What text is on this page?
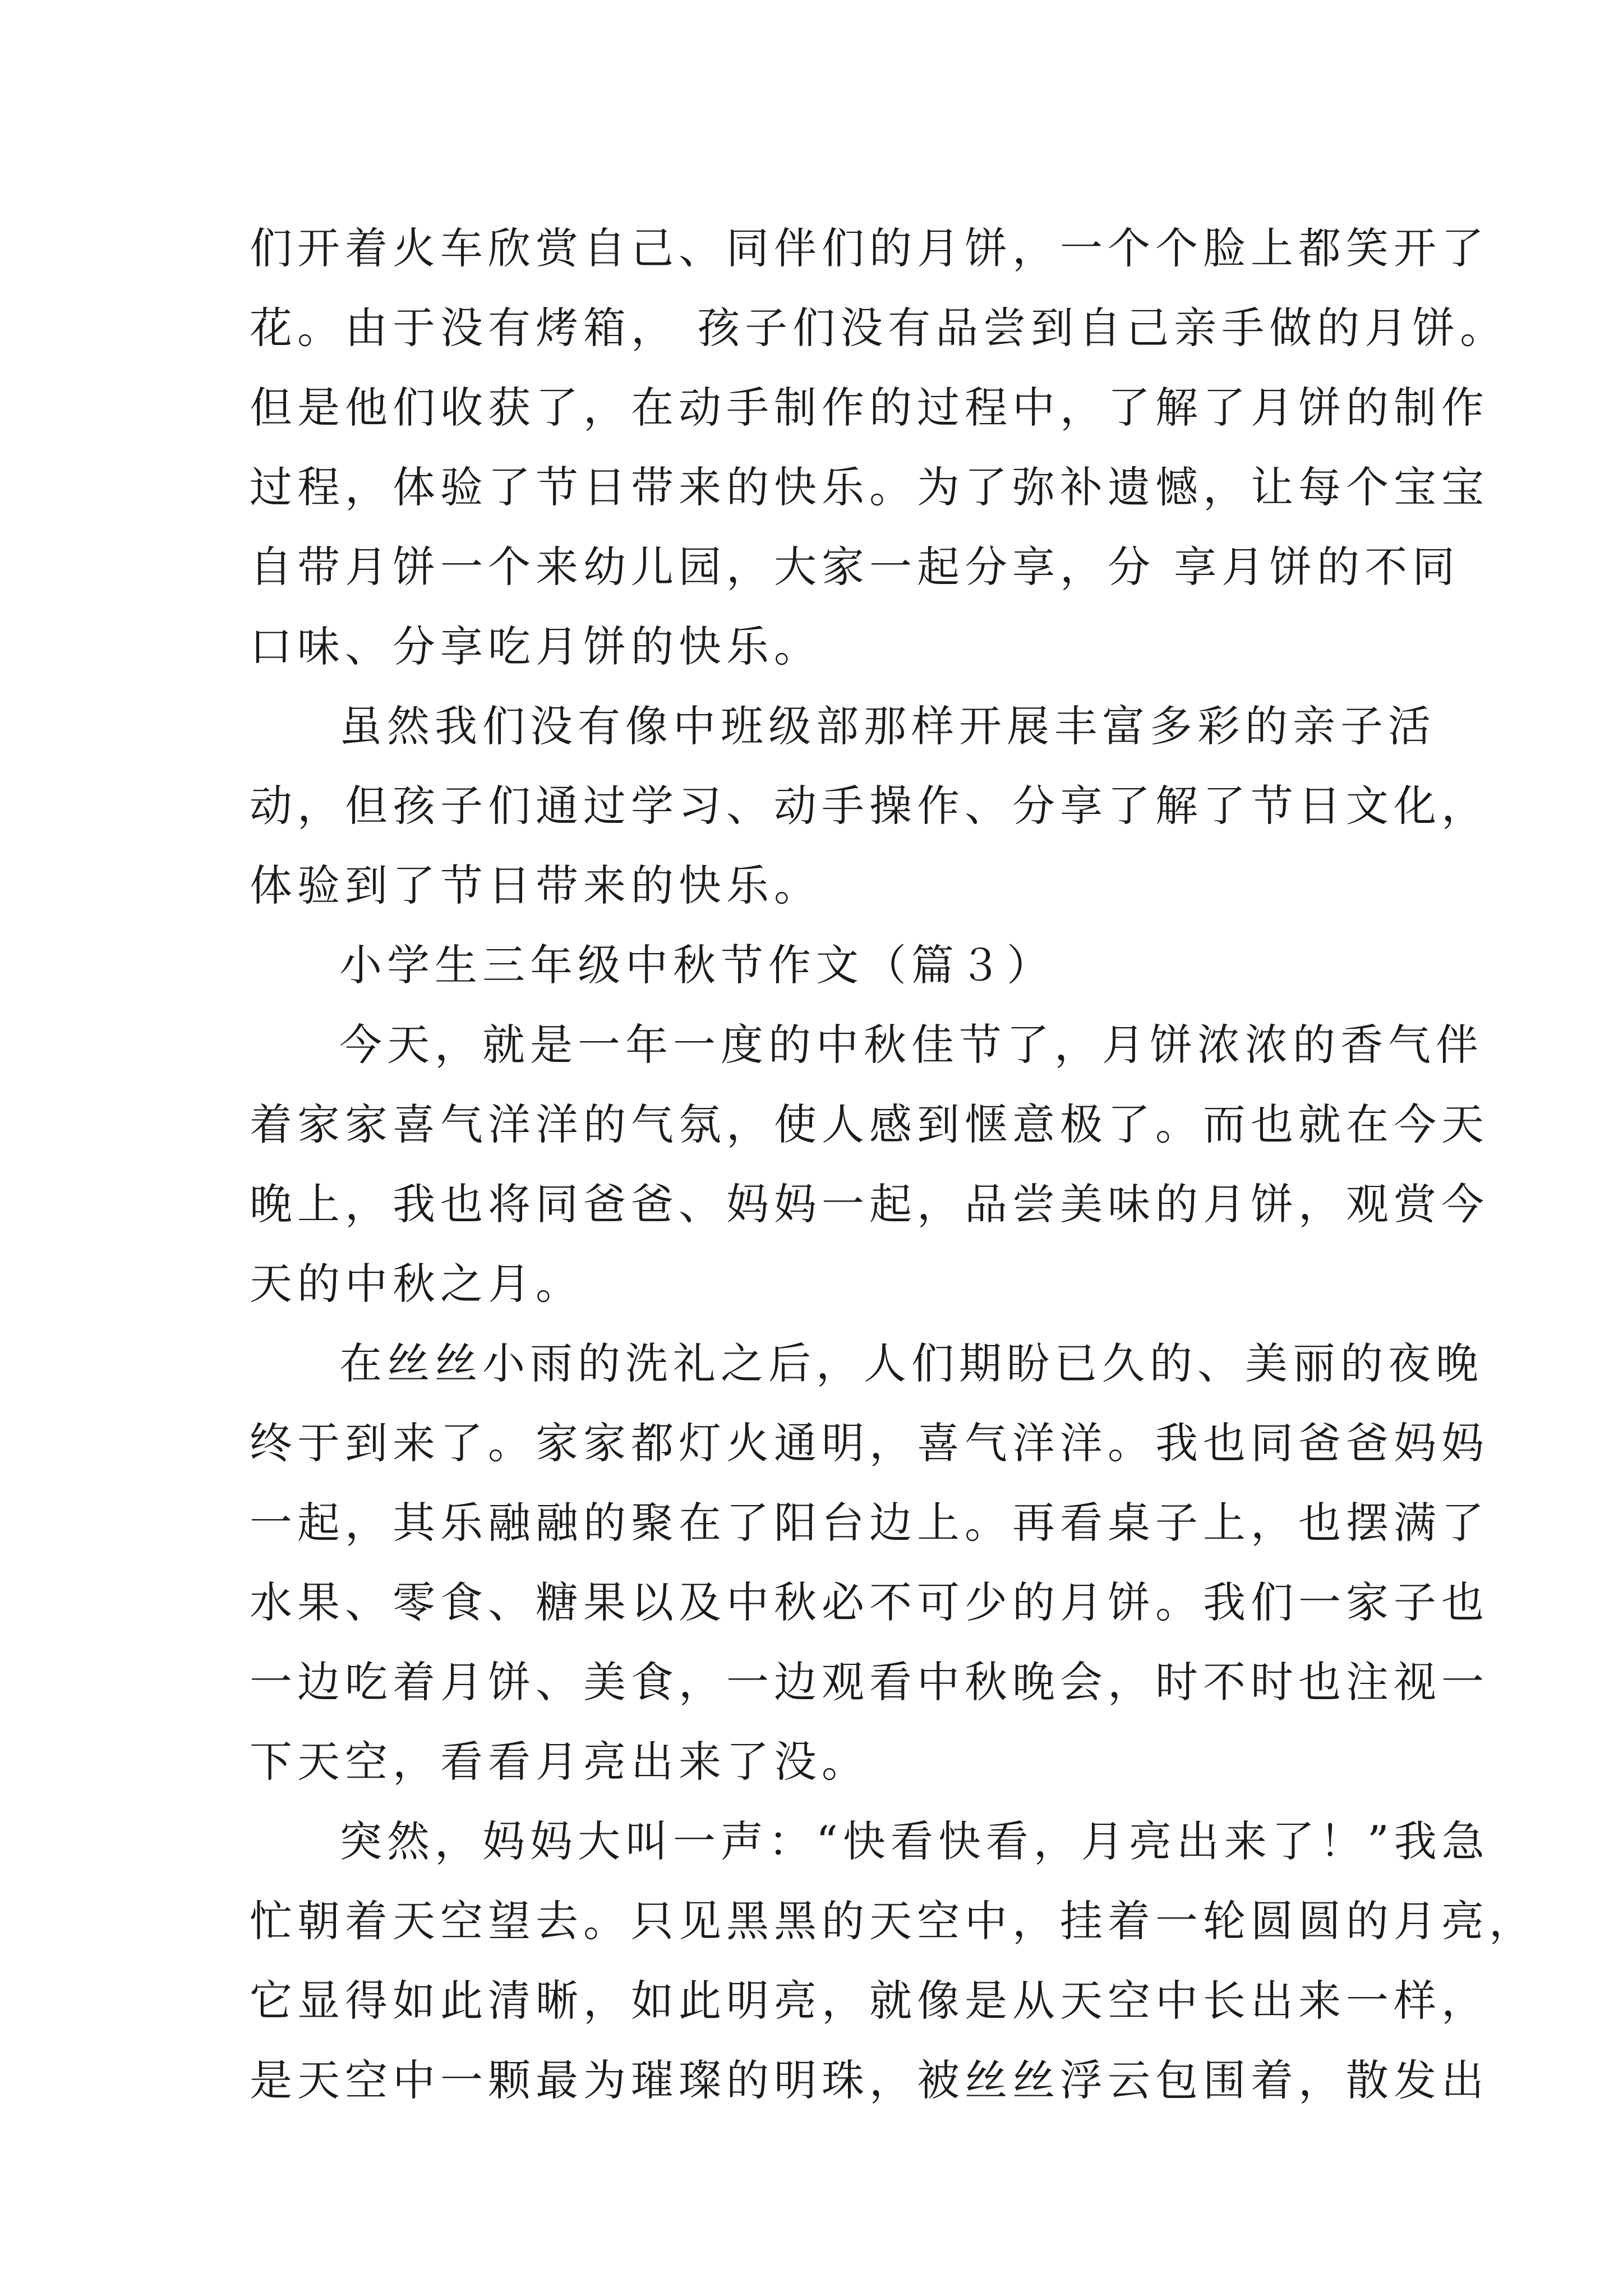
们开着火车欣赏自己、同伴们的月饼，一个个脸上都笑开了
花。由于没有烤箱， 孩子们没有品尝到自己亲手做的月饼。
但是他们收获了，在动手制作的过程中，了解了月饼的制作
过程，体验了节日带来的快乐。为了弥补遗憾，让每个宝宝
自带月饼一个来幼儿园，大家一起分享，分 享月饼的不同
口味、分享吃月饼的快乐。
虽然我们没有像中班级部那样开展丰富多彩的亲子活
动，但孩子们通过学习、动手操作、分享了解了节日文化，
体验到了节日带来的快乐。
小学生三年级中秋节作文（篇３）
今天，就是一年一度的中秋佳节了，月饼浓浓的香气伴
着家家喜气洋洋的气氛，使人感到惬意极了。而也就在今天
晚上，我也将同爸爸、妈妈一起，品尝美味的月饼，观赏今
天的中秋之月。
在丝丝小雨的洗礼之后，人们期盼已久的、美丽的夜晚
终于到来了。家家都灯火通明，喜气洋洋。我也同爸爸妈妈
一起，其乐融融的聚在了阳台边上。再看桌子上，也摆满了
水果、零食、糖果以及中秋必不可少的月饼。我们一家子也
一边吃着月饼、美食，一边观看中秋晚会，时不时也注视一
下天空，看看月亮出来了没。
突然，妈妈大叫一声：“快看快看，月亮出来了！”我急
忙朝着天空望去。只见黑黑的天空中，挂着一轮圆圆的月亮，
它显得如此清晰，如此明亮，就像是从天空中长出来一样，
是天空中一颗最为璀璨的明珠，被丝丝浮云包围着，散发出
